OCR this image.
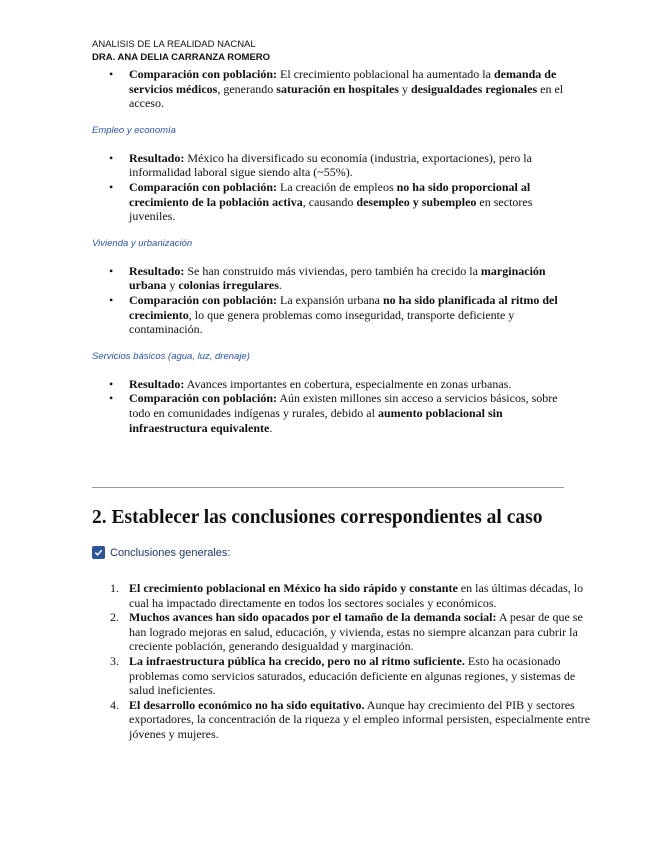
ANALISIS DE LA REALIDAD NACNAL
DRA. ANA DELIA CARRANZA ROMERO
• Comparación con población: El crecimiento poblacional ha aumentado la demanda de servicios médicos, generando saturación en hospitales y desigualdades regionales en el acceso.

Empleo y economía

• Resultado: México ha diversificado su economía (industria, exportaciones), pero la informalidad laboral sigue siendo alta (~55%).
• Comparación con población: La creación de empleos no ha sido proporcional al crecimiento de la población activa, causando desempleo y subempleo en sectores juveniles.

Vivienda y urbanización

• Resultado: Se han construido más viviendas, pero también ha crecido la marginación urbana y colonias irregulares.
• Comparación con población: La expansión urbana no ha sido planificada al ritmo del crecimiento, lo que genera problemas como inseguridad, transporte deficiente y contaminación.

Servicios básicos (agua, luz, drenaje)

• Resultado: Avances importantes en cobertura, especialmente en zonas urbanas.
• Comparación con población: Aún existen millones sin acceso a servicios básicos, sobre todo en comunidades indígenas y rurales, debido al aumento poblacional sin infraestructura equivalente.
2. Establecer las conclusiones correspondientes al caso
Conclusiones generales:
1. El crecimiento poblacional en México ha sido rápido y constante en las últimas décadas, lo cual ha impactado directamente en todos los sectores sociales y económicos.
2. Muchos avances han sido opacados por el tamaño de la demanda social: A pesar de que se han logrado mejoras en salud, educación, y vivienda, estas no siempre alcanzan para cubrir la creciente población, generando desigualdad y marginación.
3. La infraestructura pública ha crecido, pero no al ritmo suficiente. Esto ha ocasionado problemas como servicios saturados, educación deficiente en algunas regiones, y sistemas de salud ineficientes.
4. El desarrollo económico no ha sido equitativo. Aunque hay crecimiento del PIB y sectores exportadores, la concentración de la riqueza y el empleo informal persisten, especialmente entre jóvenes y mujeres.
